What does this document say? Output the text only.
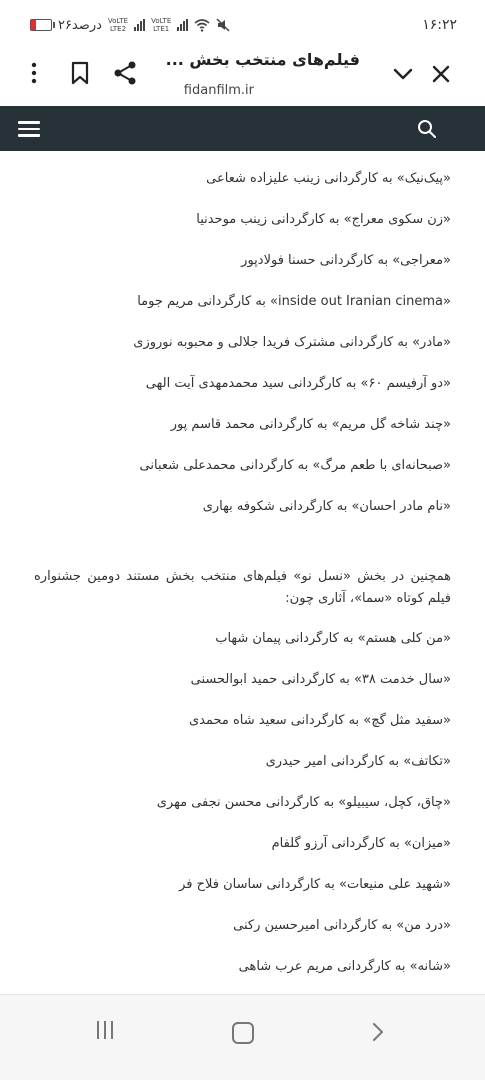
۲۶درصد VoLTE
LTE2
VoLTE
LTE1	۱۶:۲۲
فیلم‌های منتخب بخش ...
fidanfilm.ir
«پیک‌نیک» به کارگردانی زینب علیزاده شعاعی
«زن سکوی معراج» به کارگردانی زینب موحدنیا
«معراجی» به کارگردانی حسنا فولادپور
«inside out Iranian cinema» به کارگردانی مریم جوما
«مادر» به کارگردانی مشترک فریدا جلالی و محبوبه نوروزی
«دو آرفیسم ۶۰» به کارگردانی سید محمدمهدی آیت الهی
«چند شاخه گل مریم» به کارگردانی محمد قاسم پور
«صبحانه‌ای با طعم مرگ» به کارگردانی محمدعلی شعبانی
«نام مادر احسان» به کارگردانی شکوفه بهاری
همچنین در بخش «نسل نو» فیلم‌های منتخب بخش مستند دومین جشنواره فیلم کوتاه «سما»، آثاری چون:
«من کلی هستم» به کارگردانی پیمان شهاب
«سال خدمت ۳۸» به کارگردانی حمید ابوالحسنی
«سفید مثل گچ» به کارگردانی سعید شاه محمدی
«تکاتف» به کارگردانی امیر حیدری
«چاق، کچل، سیبیلو» به کارگردانی محسن نجفی مهری
«میزان» به کارگردانی آرزو گلفام
«شهید علی منیعات» به کارگردانی ساسان فلاح فر
«درد من» به کارگردانی امیرحسین رکنی
«شانه» به کارگردانی مریم عرب شاهی
